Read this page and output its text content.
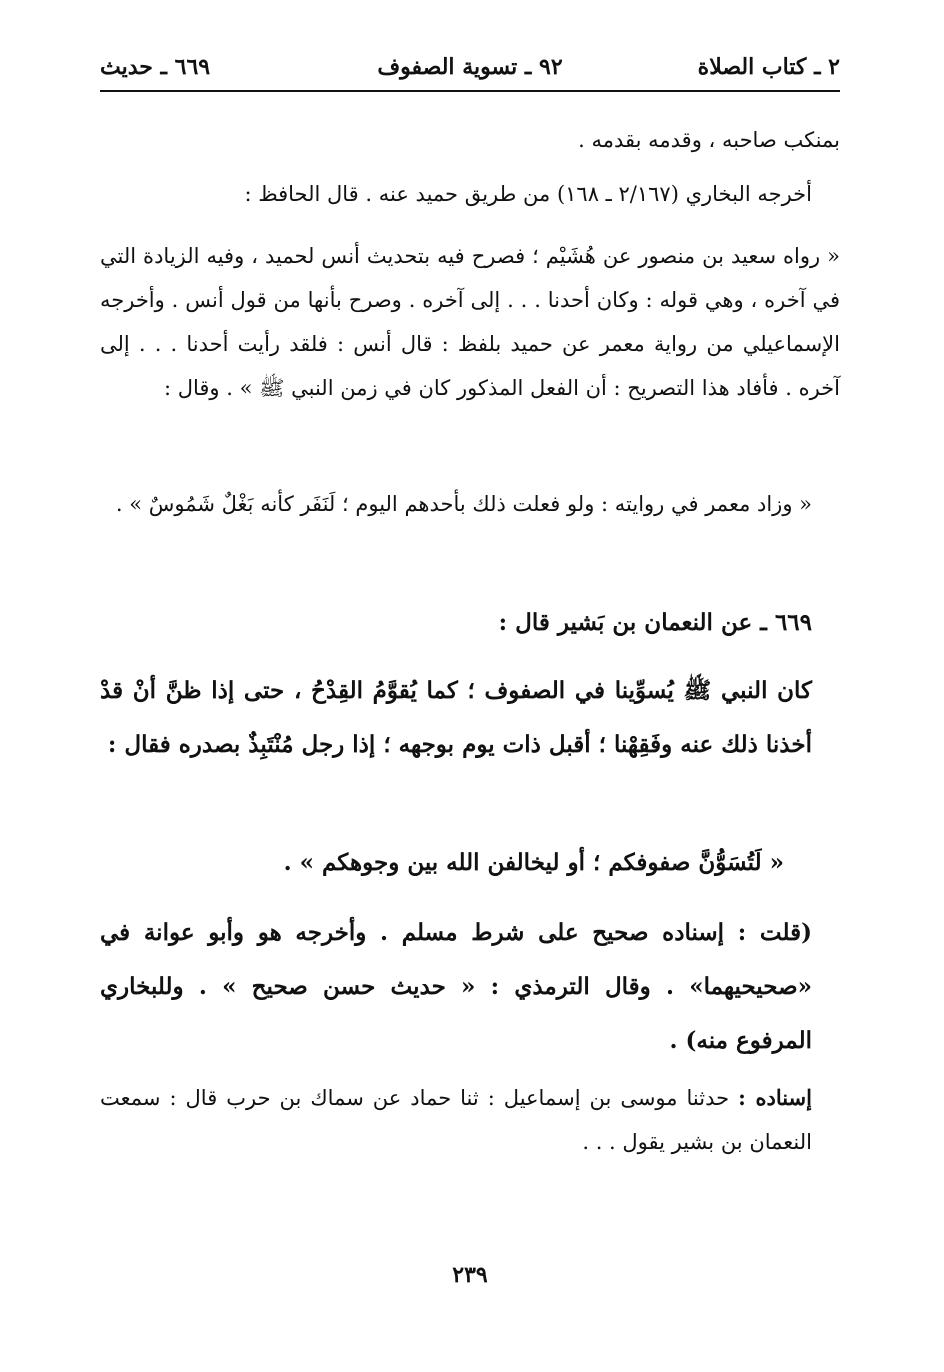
٢ ـ كتاب الصلاة
٩٢ ـ تسوية الصفوف
٦٦٩ ـ حديث
بمنكب صاحبه ، وقدمه بقدمه .
أخرجه البخاري (٢/١٦٧ ـ ١٦٨) من طريق حميد عنه . قال الحافظ :
« رواه سعيد بن منصور عن هُشَيْم ؛ فصرح فيه بتحديث أنس لحميد ، وفيه الزيادة التي في آخره ، وهي قوله : وكان أحدنا . . . إلى آخره . وصرح بأنها من قول أنس . وأخرجه الإسماعيلي من رواية معمر عن حميد بلفظ : قال أنس : فلقد رأيت أحدنا . . . إلى آخره . فأفاد هذا التصريح : أن الفعل المذكور كان في زمن النبي ﷺ » . وقال :
« وزاد معمر في روايته : ولو فعلت ذلك بأحدهم اليوم ؛ لَنَفَر كأنه بَغْلٌ شَمُوسٌ » .
٦٦٩ ـ عن النعمان بن بَشير قال :
كان النبي ﷺ يُسوِّينا في الصفوف ؛ كما يُقوَّمُ القِدْحُ ، حتى إذا ظنَّ أنْ قدْ أخذنا ذلك عنه وفَقِهْنا ؛ أقبل ذات يوم بوجهه ؛ إذا رجل مُنْتَبِذٌ بصدره فقال :
« لَتُسَوُّنَّ صفوفكم ؛ أو ليخالفن الله بين وجوهكم » .
(قلت : إسناده صحيح على شرط مسلم . وأخرجه هو وأبو عوانة في «صحيحيهما» . وقال الترمذي : « حديث حسن صحيح » . وللبخاري المرفوع منه) .
إسناده : حدثنا موسى بن إسماعيل : ثنا حماد عن سماك بن حرب قال : سمعت النعمان بن بشير يقول . . .
٢٣٩
